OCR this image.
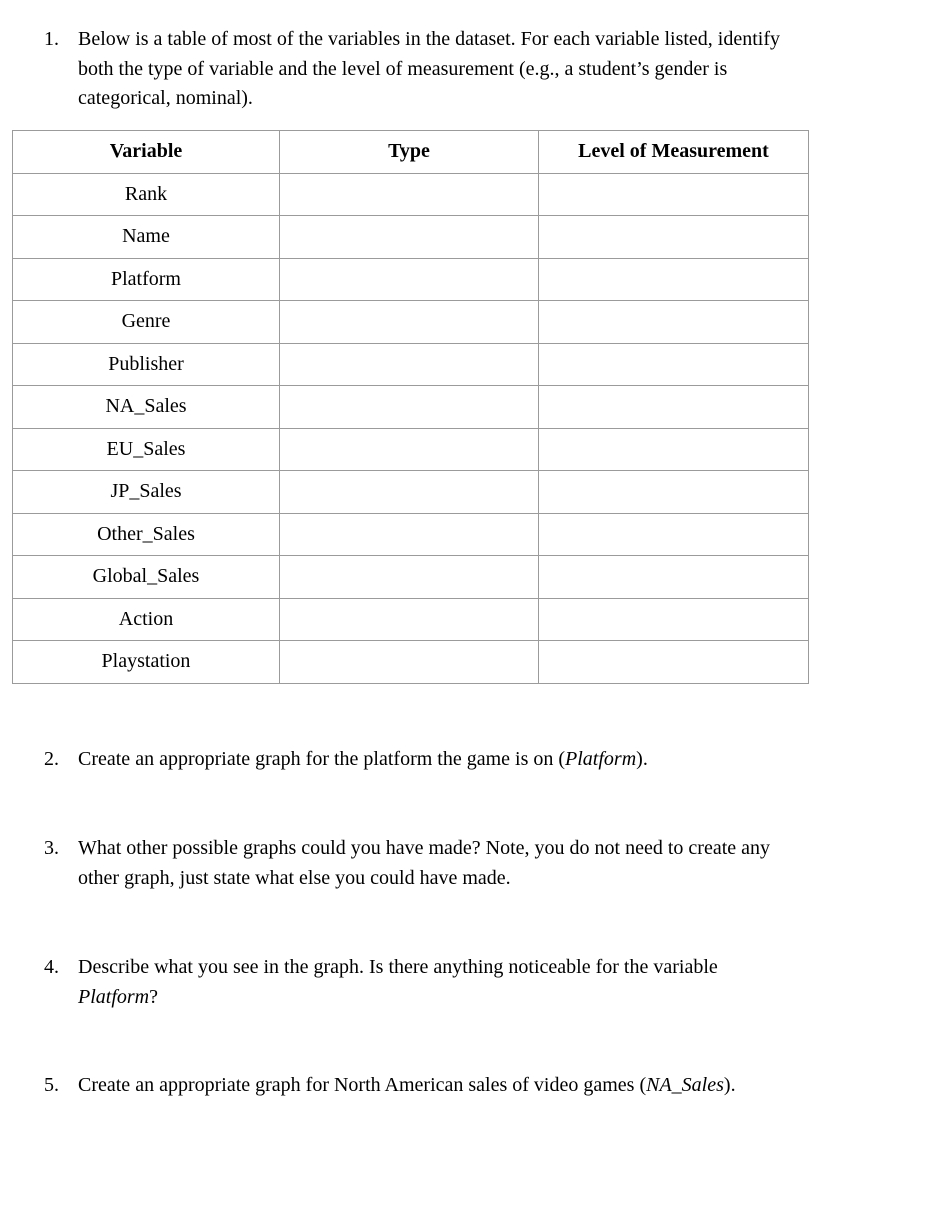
1. Below is a table of most of the variables in the dataset. For each variable listed, identify
both the type of variable and the level of measurement (e.g., a student’s gender is
categorical, nominal).
Variable	Type	Level of Measurement
Rank		
Name		
Platform		
Genre		
Publisher		
NA_Sales		
EU_Sales		
JP_Sales		
Other_Sales		
Global_Sales		
Action		
Playstation		
2. Create an appropriate graph for the platform the game is on (Platform).
3. What other possible graphs could you have made? Note, you do not need to create any
other graph, just state what else you could have made.
4. Describe what you see in the graph. Is there anything noticeable for the variable
Platform?
5. Create an appropriate graph for North American sales of video games (NA_Sales).
